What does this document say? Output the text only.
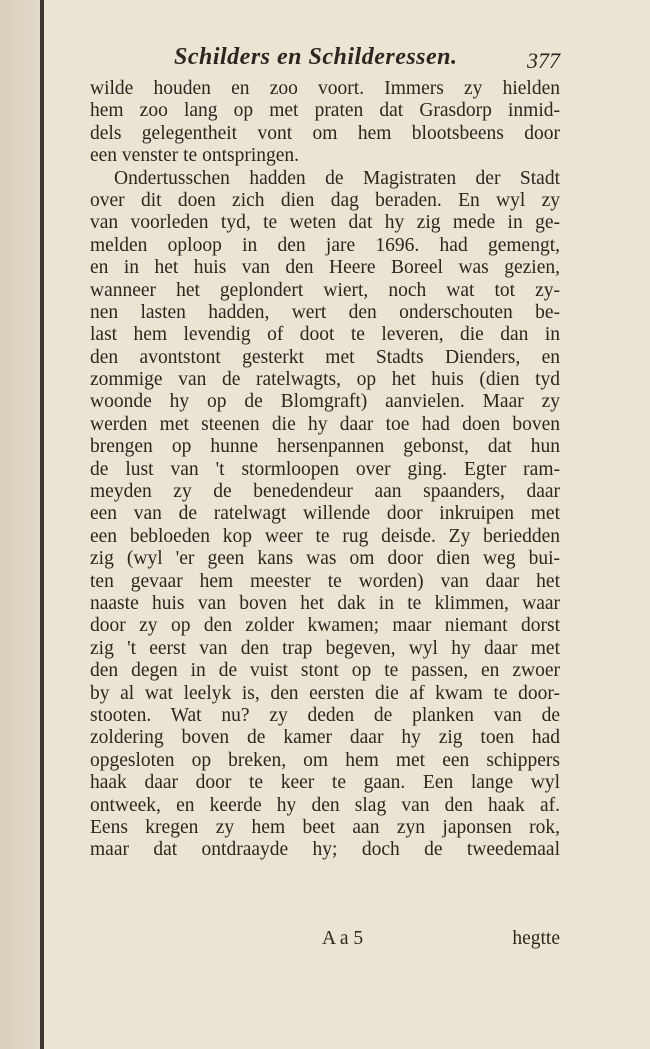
Schilders en Schilderessen.	377
wilde houden en zoo voort. Immers zy hielden
hem zoo lang op met praten dat Grasdorp inmid-
dels gelegentheit vont om hem blootsbeens door
een venster te ontspringen.
Ondertusschen hadden de Magistraten der Stadt
over dit doen zich dien dag beraden. En wyl zy
van voorleden tyd, te weten dat hy zig mede in ge-
melden oploop in den jare 1696. had gemengt,
en in het huis van den Heere Boreel was gezien,
wanneer het geplondert wiert, noch wat tot zy-
nen lasten hadden, wert den onderschouten be-
last hem levendig of doot te leveren, die dan in
den avontstont gesterkt met Stadts Dienders, en
zommige van de ratelwagts, op het huis (dien tyd
woonde hy op de Blomgraft) aanvielen. Maar zy
werden met steenen die hy daar toe had doen boven
brengen op hunne hersenpannen gebonst, dat hun
de lust van 't stormloopen over ging. Egter ram-
meyden zy de benedendeur aan spaanders, daar
een van de ratelwagt willende door inkruipen met
een bebloeden kop weer te rug deisde. Zy beriedden
zig (wyl 'er geen kans was om door dien weg bui-
ten gevaar hem meester te worden) van daar het
naaste huis van boven het dak in te klimmen, waar
door zy op den zolder kwamen; maar niemant dorst
zig 't eerst van den trap begeven, wyl hy daar met
den degen in de vuist stont op te passen, en zwoer
by al wat leelyk is, den eersten die af kwam te door-
stooten. Wat nu? zy deden de planken van de
zoldering boven de kamer daar hy zig toen had
opgesloten op breken, om hem met een schippers
haak daar door te keer te gaan. Een lange wyl
ontweek, en keerde hy den slag van den haak af.
Eens kregen zy hem beet aan zyn japonsen rok,
maar dat ontdraayde hy; doch de tweedemaal
A a 5	hegtte
